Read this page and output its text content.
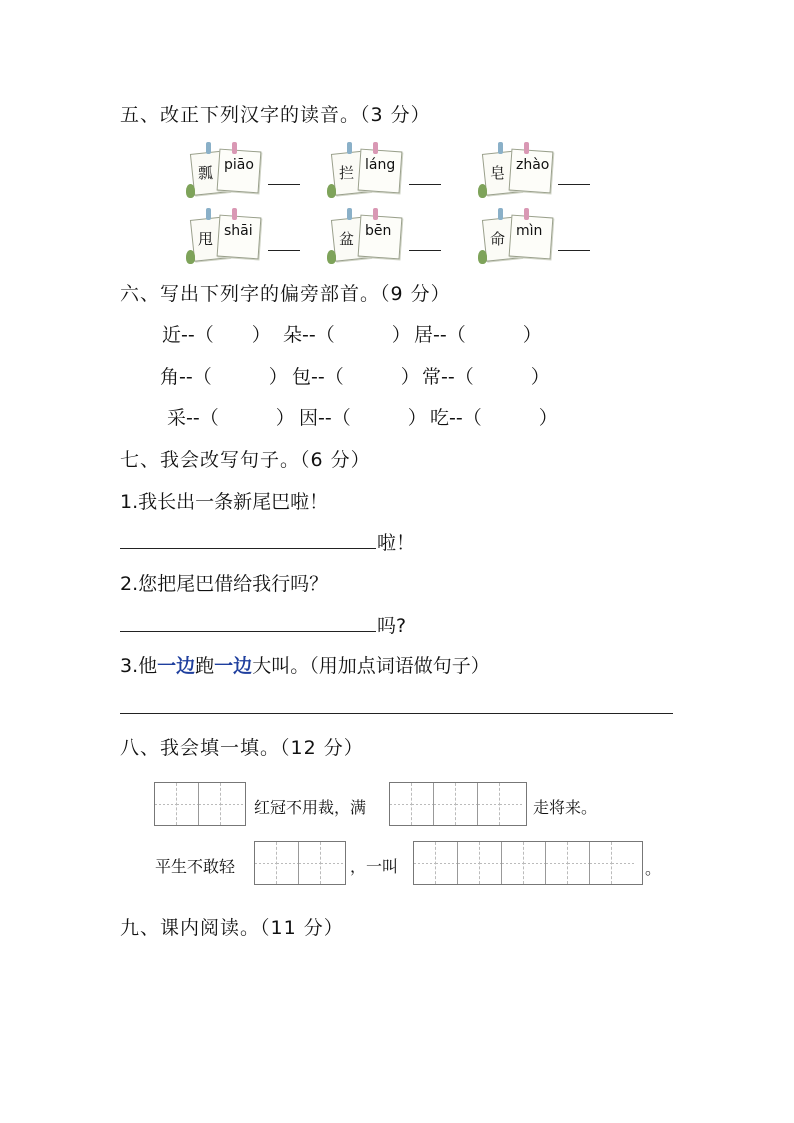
五、改正下列汉字的读音。（3 分）
瓢 piāo	拦 láng	皂 zhào
甩 shāi	盆 bēn	命 mìn
六、写出下列字的偏旁部首。（9 分）
近--（　　） 朵--（　　　） 居--（　　　）
角--（　　　） 包--（　　　） 常--（　　　）
采--（　　　） 因--（　　　） 吃--（　　　）
七、我会改写句子。（6 分）
1.我长出一条新尾巴啦！
啦！
2.您把尾巴借给我行吗？
吗?
3.他一边跑一边大叫。（用加点词语做句子）
八、我会填一填。（12 分）
红冠不用裁，满	走将来。
平生不敢轻	，一叫	。
九、课内阅读。（11 分）
